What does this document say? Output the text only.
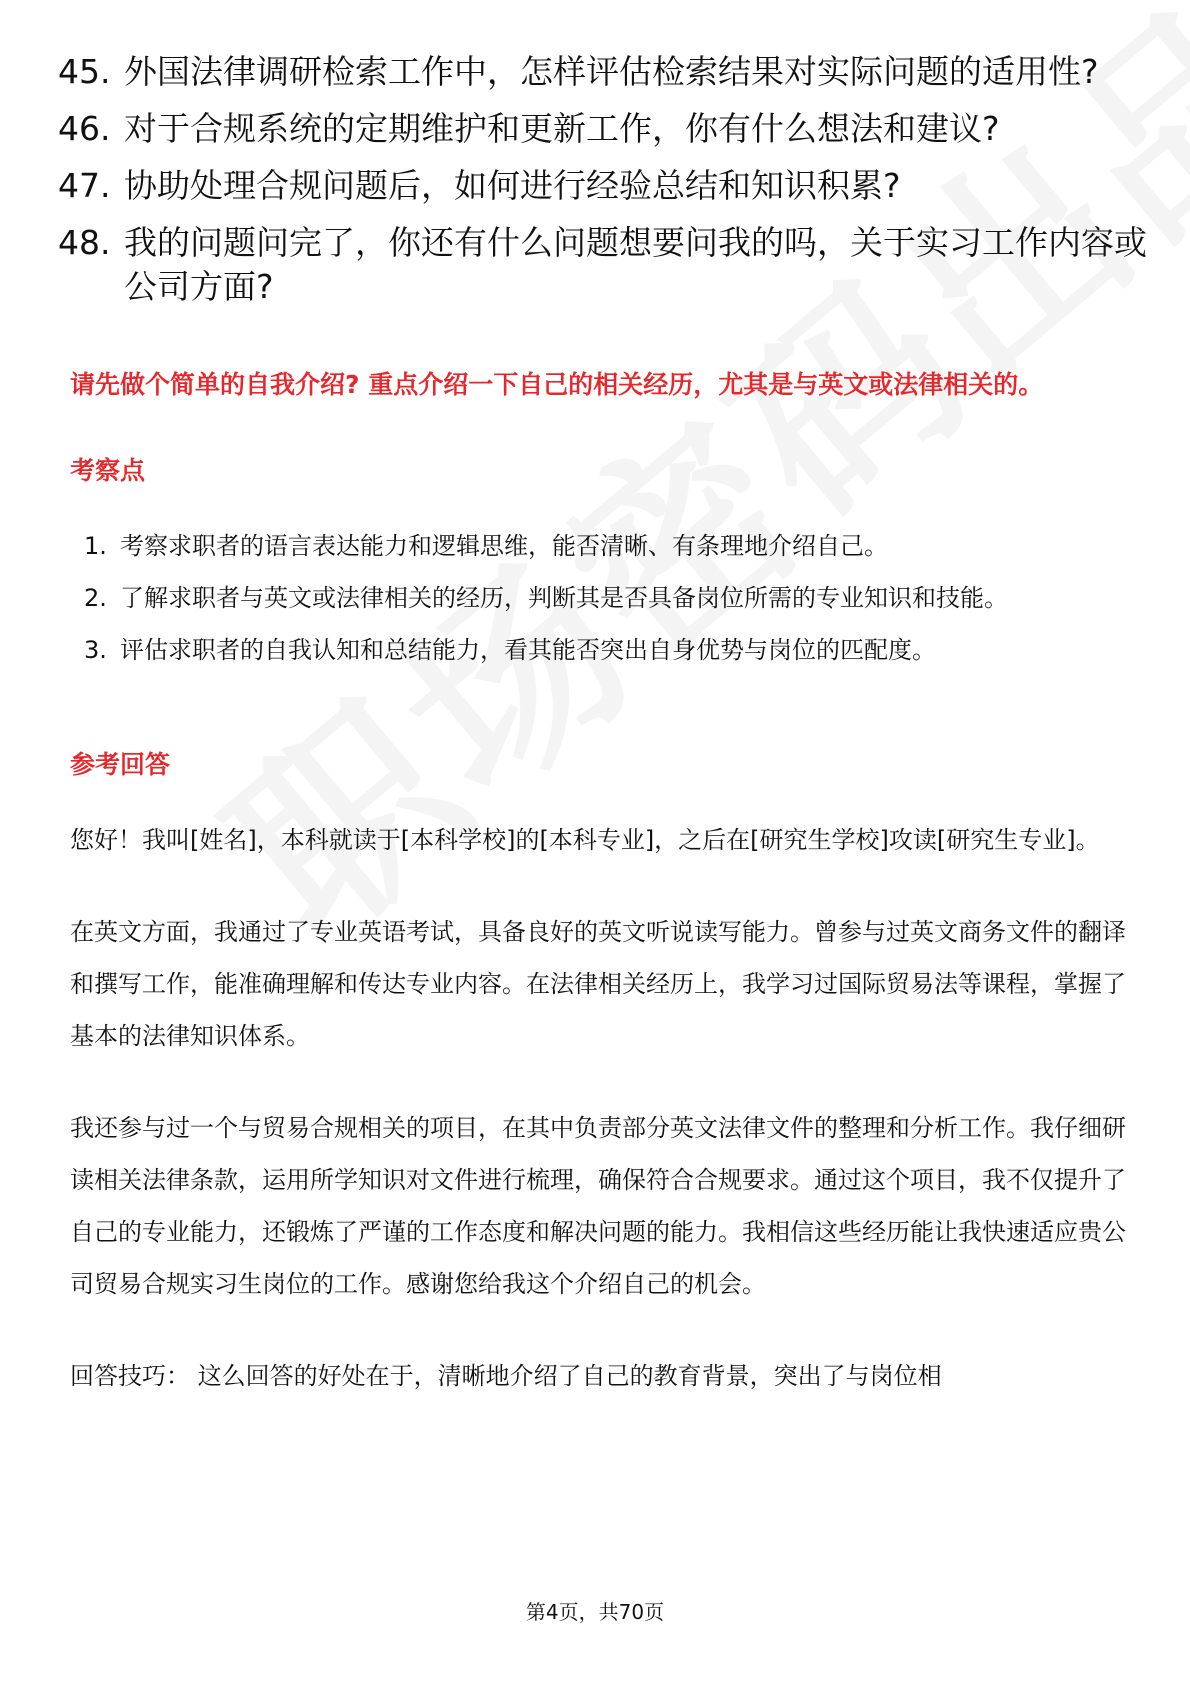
45. 外国法律调研检索工作中，怎样评估检索结果对实际问题的适用性?
46. 对于合规系统的定期维护和更新工作，你有什么想法和建议?
47. 协助处理合规问题后，如何进行经验总结和知识积累?
48. 我的问题问完了，你还有什么问题想要问我的吗，关于实习工作内容或公司方面?

请先做个简单的自我介绍? 重点介绍一下自己的相关经历，尤其是与英文或法律相关的。

考察点
1. 考察求职者的语言表达能力和逻辑思维，能否清晰、有条理地介绍自己。
2. 了解求职者与英文或法律相关的经历，判断其是否具备岗位所需的专业知识和技能。
3. 评估求职者的自我认知和总结能力，看其能否突出自身优势与岗位的匹配度。
参考回答

您好！我叫[姓名]，本科就读于[本科学校]的[本科专业]，之后在[研究生学校]攻读[研究生专业]。

在英文方面，我通过了专业英语考试，具备良好的英文听说读写能力。曾参与过英文商务文件的翻译和撰写工作，能准确理解和传达专业内容。在法律相关经历上，我学习过国际贸易法等课程，掌握了基本的法律知识体系。

我还参与过一个与贸易合规相关的项目，在其中负责部分英文法律文件的整理和分析工作。我仔细研读相关法律条款，运用所学知识对文件进行梳理，确保符合合规要求。通过这个项目，我不仅提升了自己的专业能力，还锻炼了严谨的工作态度和解决问题的能力。我相信这些经历能让我快速适应贵公司贸易合规实习生岗位的工作。感谢您给我这个介绍自己的机会。

回答技巧： 这么回答的好处在于，清晰地介绍了自己的教育背景，突出了与岗位相

第4页，共70页
